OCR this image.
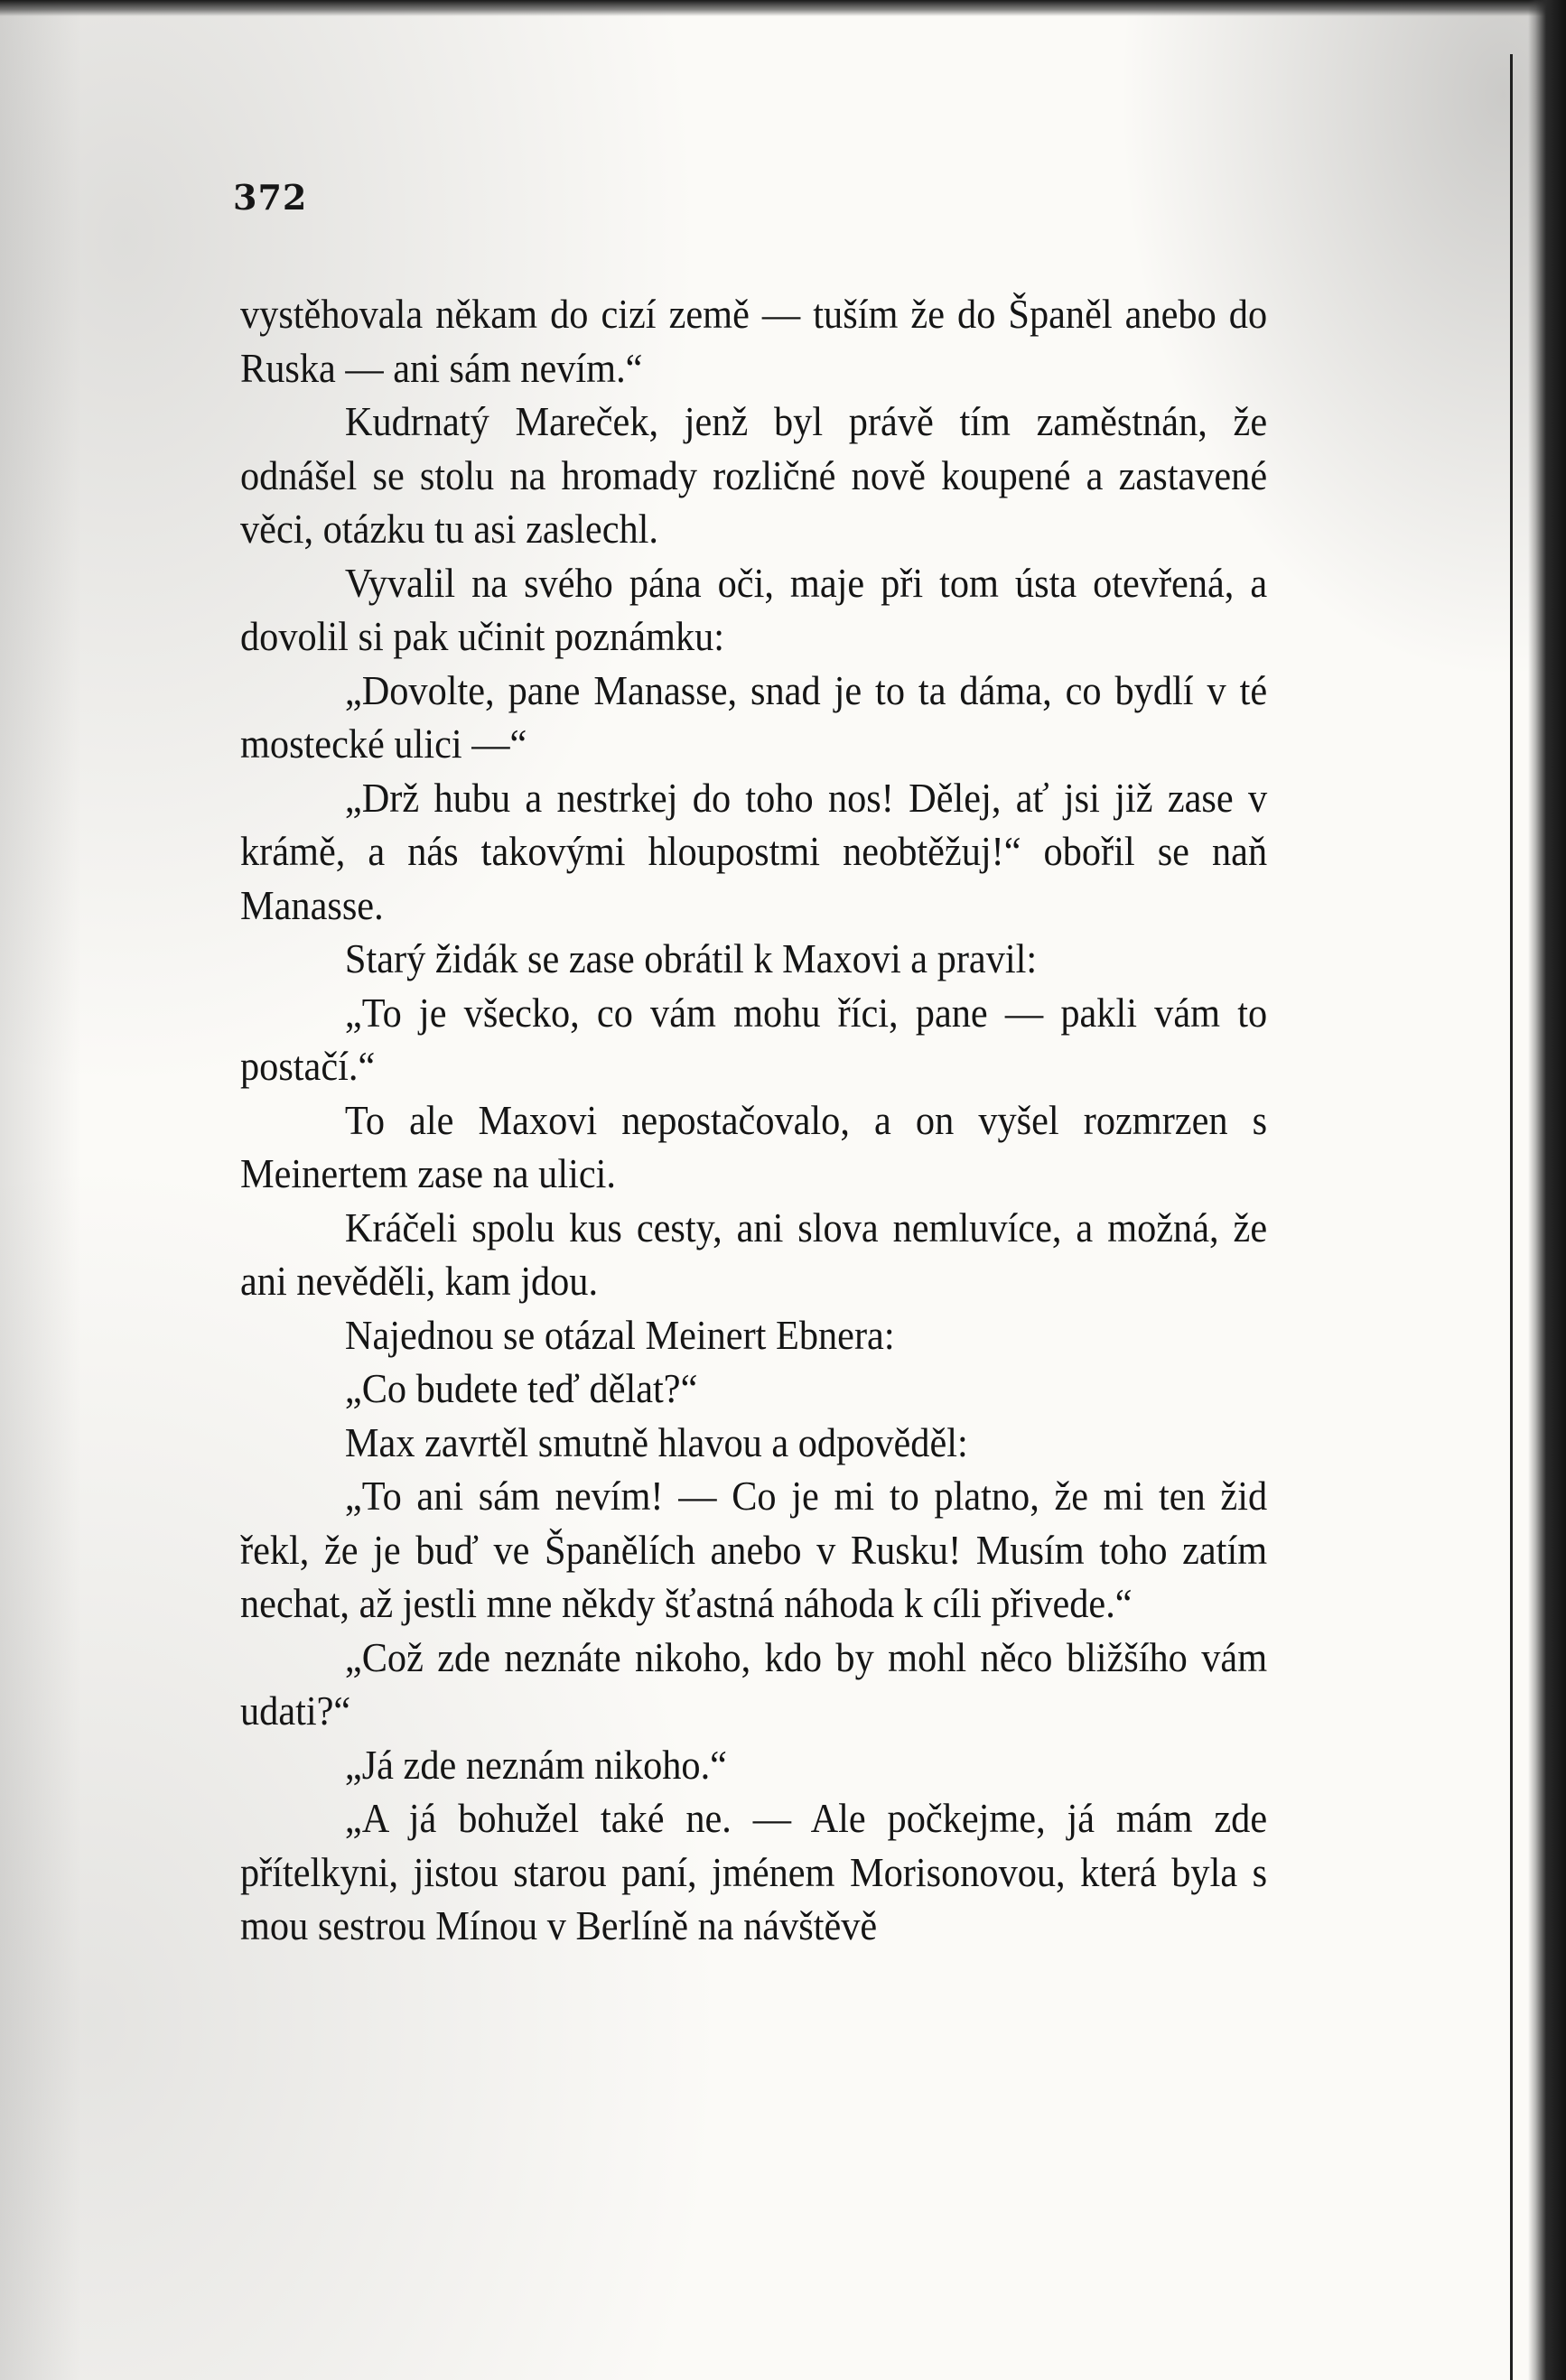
372

vystěhovala někam do cizí země — tuším že do Španěl anebo do Ruska — ani sám nevím.“

Kudrnatý Mareček, jenž byl právě tím zaměstnán, že odnášel se stolu na hromady rozličné nově koupené a zastavené věci, otázku tu asi zaslechl.

Vyvalil na svého pána oči, maje při tom ústa otevřená, a dovolil si pak učinit poznámku:

„Dovolte, pane Manasse, snad je to ta dáma, co bydlí v té mostecké ulici —“

„Drž hubu a nestrkej do toho nos! Dělej, ať jsi již zase v krámě, a nás takovými hloupostmi neobtěžuj!“ obořil se naň Manasse.

Starý židák se zase obrátil k Maxovi a pravil:

„To je všecko, co vám mohu říci, pane — pakli vám to postačí.“

To ale Maxovi nepostačovalo, a on vyšel rozmrzen s Meinertem zase na ulici.

Kráčeli spolu kus cesty, ani slova nemluvíce, a možná, že ani nevěděli, kam jdou.

Najednou se otázal Meinert Ebnera:

„Co budete teď dělat?“

Max zavrtěl smutně hlavou a odpověděl:

„To ani sám nevím! — Co je mi to platno, že mi ten žid řekl, že je buď ve Španělích anebo v Rusku! Musím toho zatím nechat, až jestli mne někdy šťastná náhoda k cíli přivede.“

„Což zde neznáte nikoho, kdo by mohl něco bližšího vám udati?“

„Já zde neznám nikoho.“

„A já bohužel také ne. — Ale počkejme, já mám zde přítelkyni, jistou starou paní, jménem Morisonovou, která byla s mou sestrou Mínou v Berlíně na návštěvě
